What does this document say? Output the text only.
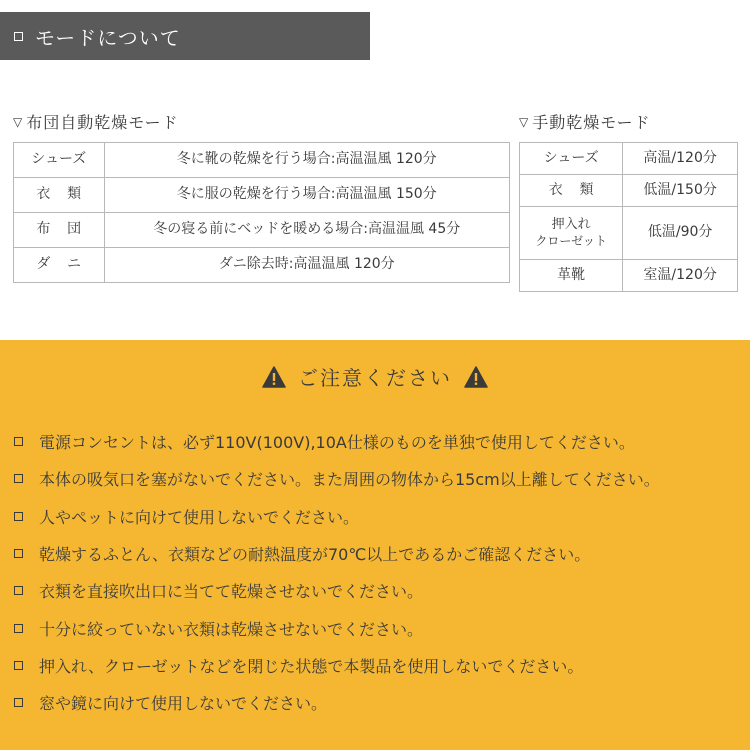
モードについて
▽ 布団自動乾燥モード
シューズ	冬に靴の乾燥を行う場合:高温温風 120分
衣類	冬に服の乾燥を行う場合:高温温風 150分
布団	冬の寝る前にベッドを暖める場合:高温温風 45分
ダニ	ダニ除去時:高温温風 120分
▽ 手動乾燥モード
シューズ	高温/120分
衣類	低温/150分

押入れ
クローゼット	低温/90分
革靴	室温/120分
ご注意ください
電源コンセントは、必ず110V(100V),10A仕様のものを単独で使用してください。
本体の吸気口を塞がないでください。また周囲の物体から15cm以上離してください。
人やペットに向けて使用しないでください。
乾燥するふとん、衣類などの耐熱温度が70℃以上であるかご確認ください。
衣類を直接吹出口に当てて乾燥させないでください。
十分に絞っていない衣類は乾燥させないでください。
押入れ、クローゼットなどを閉じた状態で本製品を使用しないでください。
窓や鏡に向けて使用しないでください。
